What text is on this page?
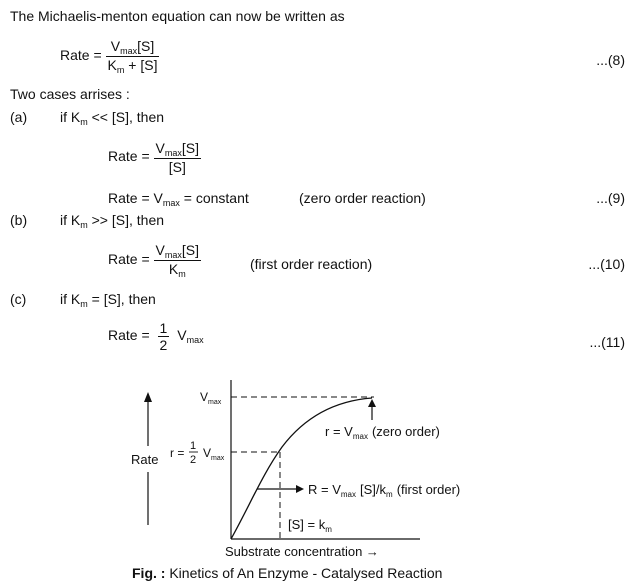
The Michaelis-menton equation can now be written as
Rate = $\frac{V_{max}[S]}{K_m + [S]}$	...(8)
Two cases arrises :
(a) if $K_m << [S]$, then
Rate = $\frac{V_{max}[S]}{[S]}$
Rate = $V_{max}$ = constant	(zero order reaction)	...(9)
(b) if $K_m >> [S]$, then
Rate = $\frac{V_{max}[S]}{K_m}$	(first order reaction)	...(10)
(c) if $K_m = [S]$, then
Rate = $\frac{1}{2} V_{max}$	...(11)
$V_{max}$
r = 1
2 $V_{max}$
Rate
$r = V_{max}$ (zero order)
$R = V_{max}$ $[S]/k_m$ (first order)
$[S] = k_m$
Substrate concentration →
Fig. : Kinetics of An Enzyme - Catalysed Reaction
